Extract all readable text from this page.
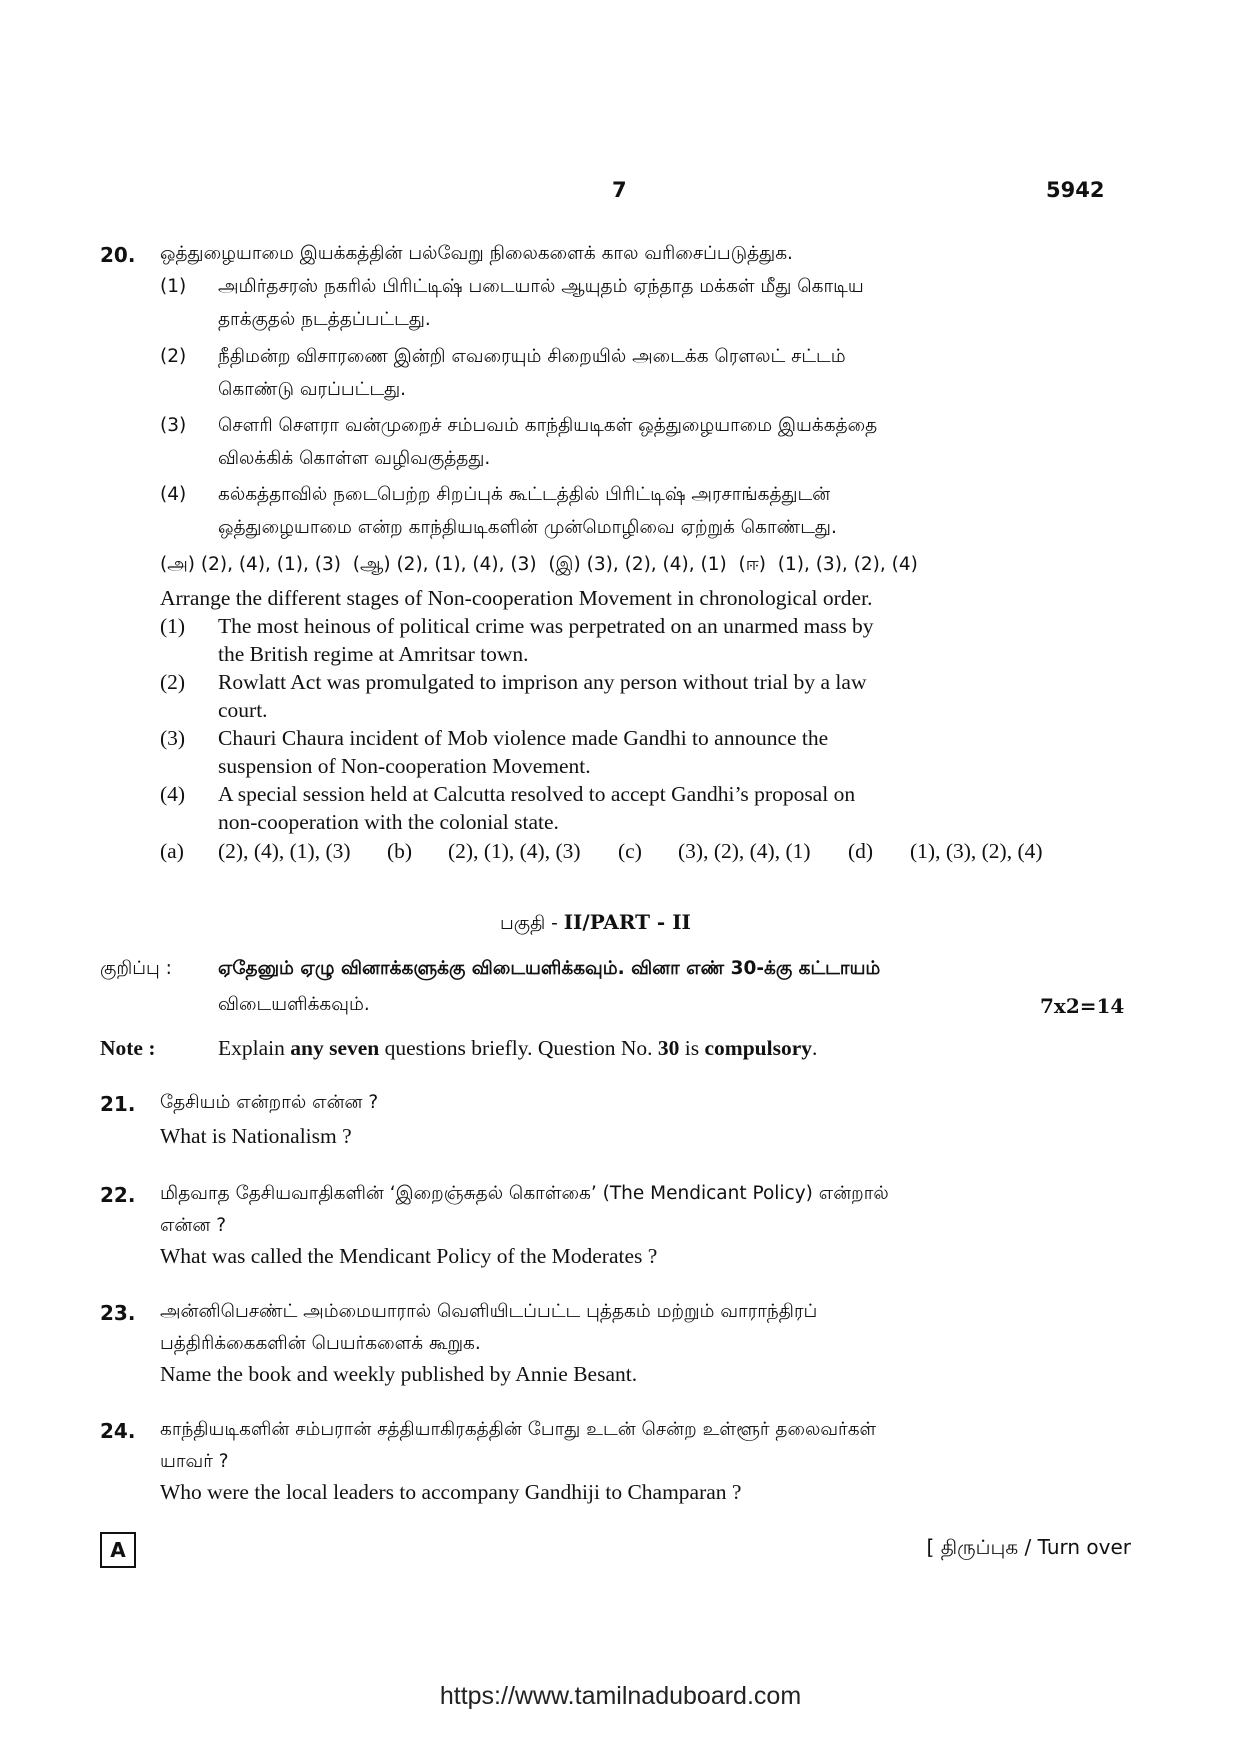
7	5942
20. ஒத்துழையாமை இயக்கத்தின் பல்வேறு நிலைகளைக் கால வரிசைப்படுத்துக.
(1) அமிர்தசரஸ் நகரில் பிரிட்டிஷ் படையால் ஆயுதம் ஏந்தாத மக்கள் மீது கொடிய
தாக்குதல் நடத்தப்பட்டது.
(2) நீதிமன்ற விசாரணை இன்றி எவரையும் சிறையில் அடைக்க ரௌலட் சட்டம்
கொண்டு வரப்பட்டது.
(3) சௌரி சௌரா வன்முறைச் சம்பவம் காந்தியடிகள் ஒத்துழையாமை இயக்கத்தை
விலக்கிக் கொள்ள வழிவகுத்தது.
(4) கல்கத்தாவில் நடைபெற்ற சிறப்புக் கூட்டத்தில் பிரிட்டிஷ் அரசாங்கத்துடன்
ஒத்துழையாமை என்ற காந்தியடிகளின் முன்மொழிவை ஏற்றுக் கொண்டது.
(அ) (2), (4), (1), (3)  (ஆ) (2), (1), (4), (3)  (இ) (3), (2), (4), (1)  (ஈ)  (1), (3), (2), (4)
Arrange the different stages of Non-cooperation Movement in chronological order.
(1) The most heinous of political crime was perpetrated on an unarmed mass by
the British regime at Amritsar town.
(2) Rowlatt Act was promulgated to imprison any person without trial by a law
court.
(3) Chauri Chaura incident of Mob violence made Gandhi to announce the
suspension of Non-cooperation Movement.
(4) A special session held at Calcutta resolved to accept Gandhi’s proposal on
non-cooperation with the colonial state.
(a) (2), (4), (1), (3) (b) (2), (1), (4), (3) (c) (3), (2), (4), (1) (d) (1), (3), (2), (4)
பகுதி - II/PART - II
குறிப்பு : ஏதேனும் ஏழு வினாக்களுக்கு விடையளிக்கவும். வினா எண் 30-க்கு கட்டாயம்
விடையளிக்கவும்.	7x2=14
Note :	Explain any seven questions briefly. Question No. 30 is compulsory.
21. தேசியம் என்றால் என்ன ?
What is Nationalism ?
22. மிதவாத தேசியவாதிகளின் ‘இறைஞ்சுதல் கொள்கை’ (The Mendicant Policy) என்றால்
என்ன ?
What was called the Mendicant Policy of the Moderates ?
23. அன்னிபெசண்ட் அம்மையாரால் வெளியிடப்பட்ட புத்தகம் மற்றும் வாராந்திரப்
பத்திரிக்கைகளின் பெயர்களைக் கூறுக.
Name the book and weekly published by Annie Besant.
24. காந்தியடிகளின் சம்பரான் சத்தியாகிரகத்தின் போது உடன் சென்ற உள்ளூர் தலைவர்கள்
யாவர் ?
Who were the local leaders to accompany Gandhiji to Champaran ?
A	[ திருப்புக / Turn over
https://www.tamilnaduboard.com
